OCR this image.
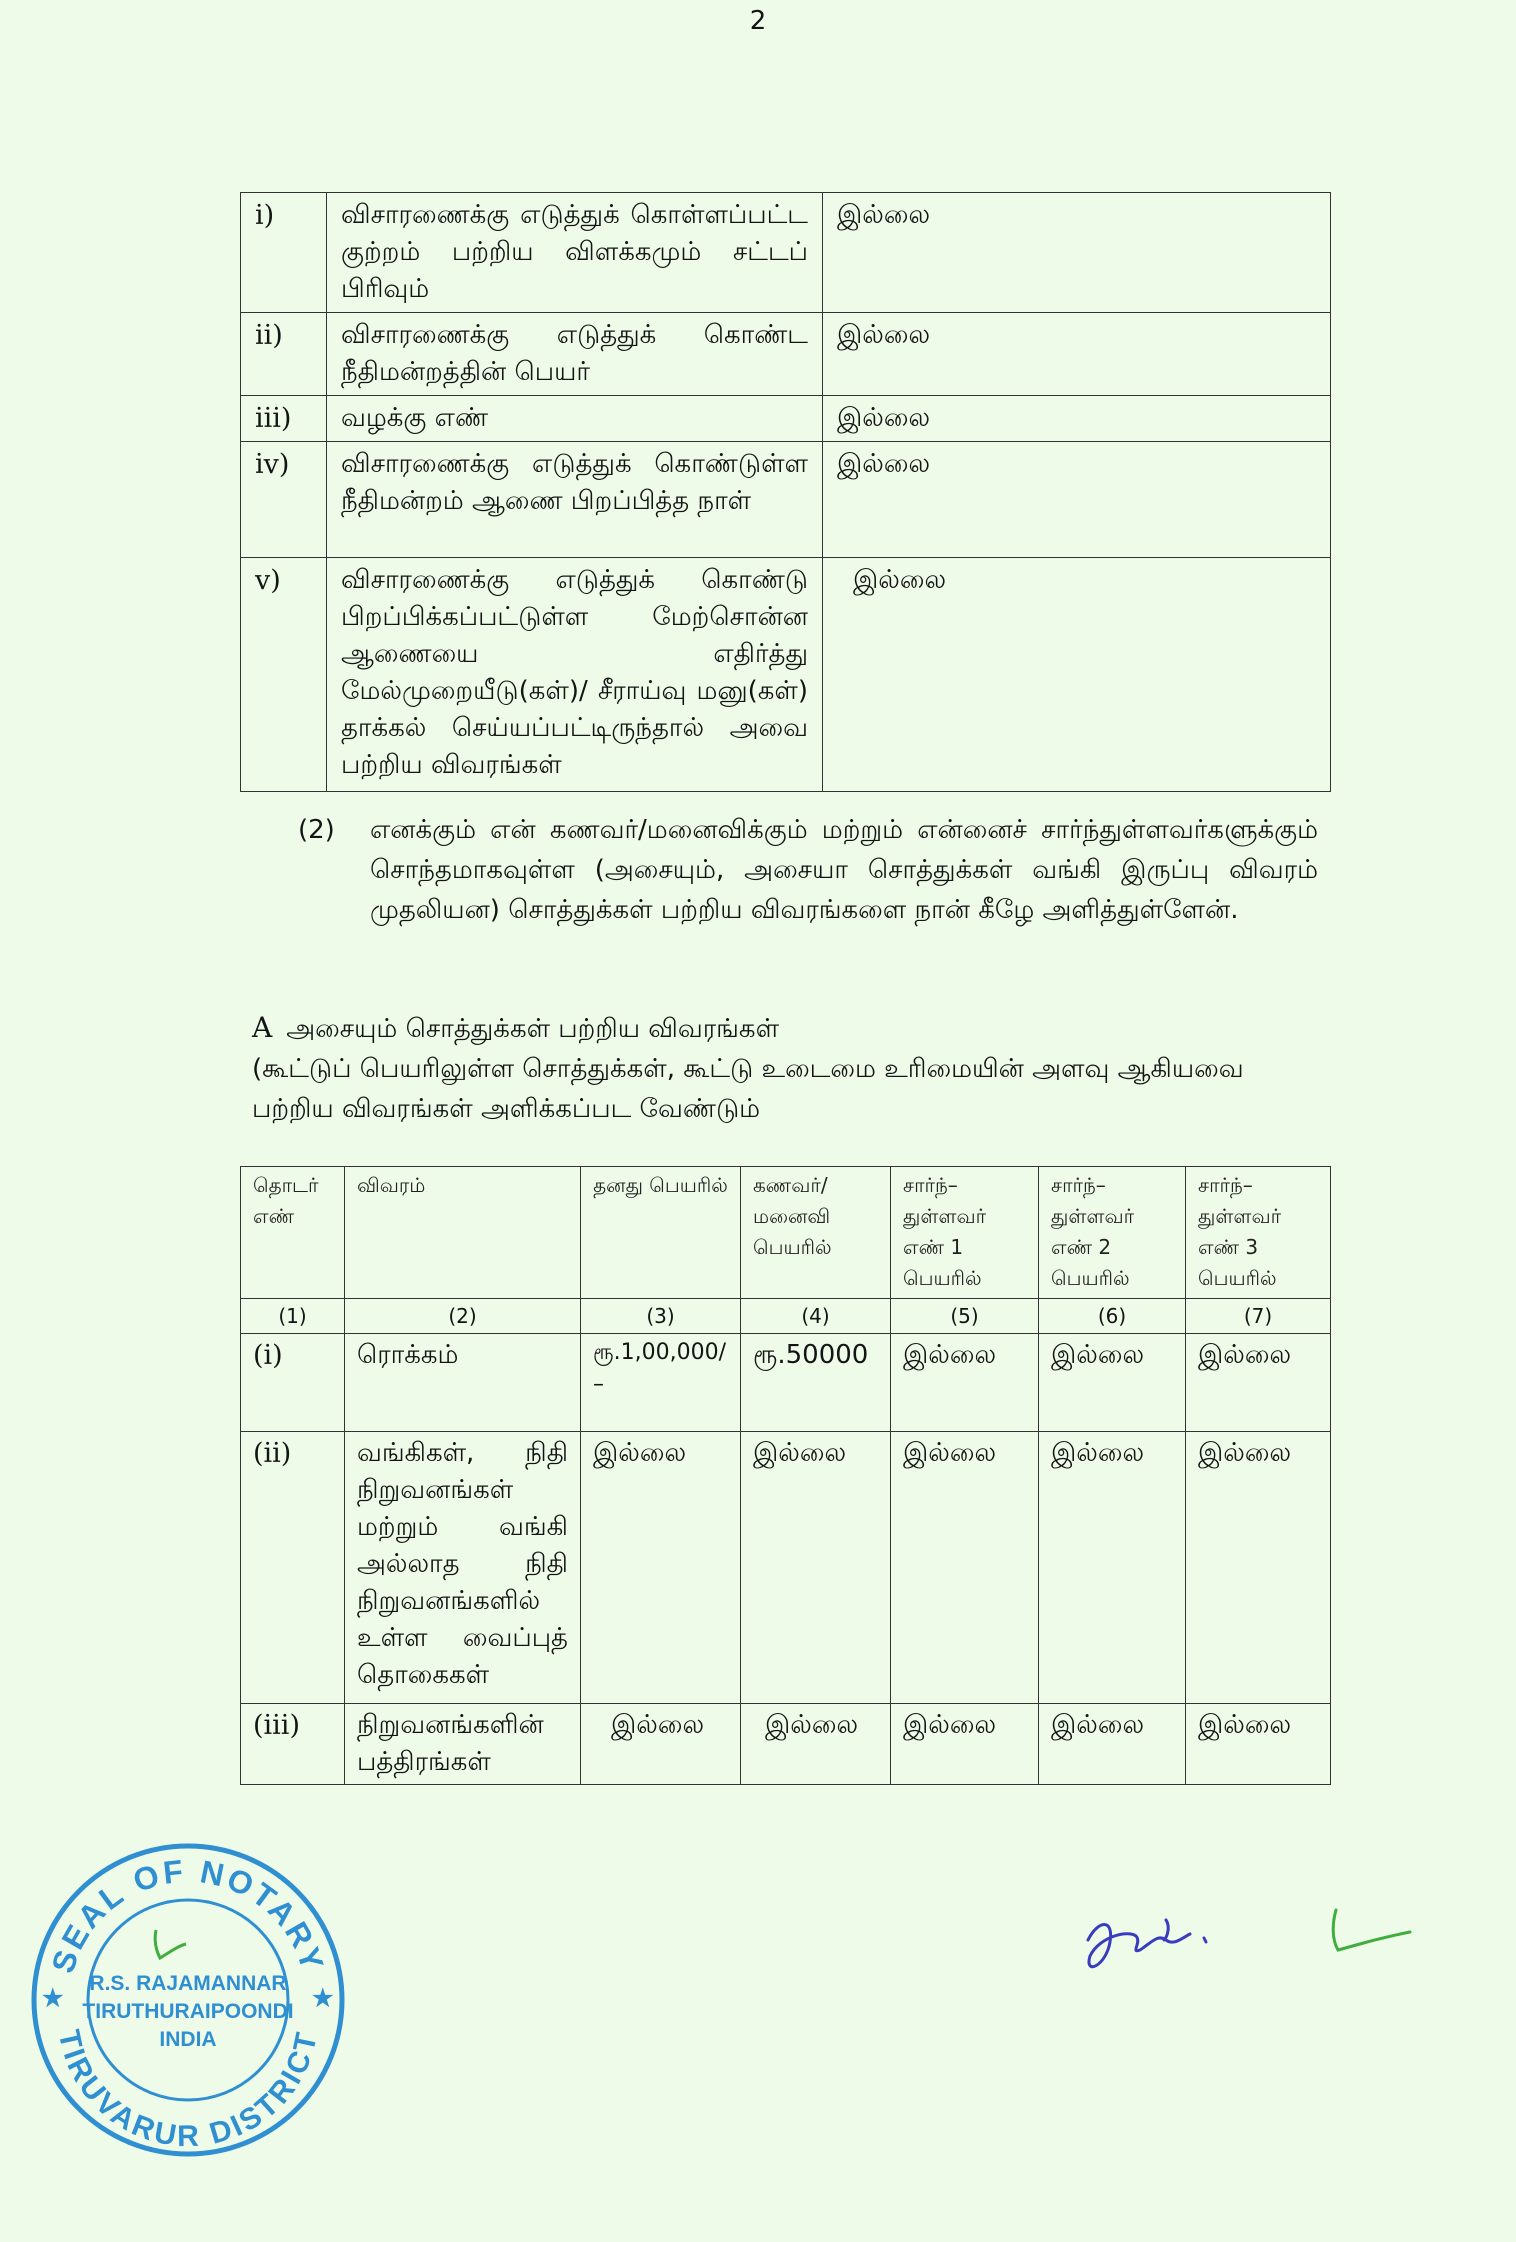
2
i)	விசாரணைக்கு எடுத்துக் கொள்ளப்பட்ட குற்றம் பற்றிய விளக்கமும் சட்டப் பிரிவும்	இல்லை
ii)	விசாரணைக்கு எடுத்துக் கொண்ட நீதிமன்றத்தின் பெயர்	இல்லை
iii)	வழக்கு எண்	இல்லை
iv)	விசாரணைக்கு எடுத்துக் கொண்டுள்ள நீதிமன்றம் ஆணை பிறப்பித்த நாள்	இல்லை
v)	விசாரணைக்கு எடுத்துக் கொண்டு பிறப்பிக்கப்பட்டுள்ள மேற்சொன்ன ஆணையை எதிர்த்து மேல்முறையீடு(கள்)/ சீராய்வு மனு(கள்) தாக்கல் செய்யப்பட்டிருந்தால் அவை பற்றிய விவரங்கள்	இல்லை
(2) எனக்கும் என் கணவர்/மனைவிக்கும் மற்றும் என்னைச் சார்ந்துள்ளவர்களுக்கும் சொந்தமாகவுள்ள (அசையும், அசையா சொத்துக்கள் வங்கி இருப்பு விவரம் முதலியன) சொத்துக்கள் பற்றிய விவரங்களை நான் கீழே அளித்துள்ளேன்.
A அசையும் சொத்துக்கள் பற்றிய விவரங்கள்
(கூட்டுப் பெயரிலுள்ள சொத்துக்கள், கூட்டு உடைமை உரிமையின் அளவு ஆகியவை பற்றிய விவரங்கள் அளிக்கப்பட வேண்டும்
தொடர் எண்	விவரம்	தனது பெயரில்	கணவர்/ மனைவி பெயரில்	சார்ந்– துள்ளவர் எண் 1 பெயரில்	சார்ந்– துள்ளவர் எண் 2 பெயரில்	சார்ந்– துள்ளவர் எண் 3 பெயரில்
(1)	(2)	(3)	(4)	(5)	(6)	(7)
(i)	ரொக்கம்	ரூ.1,00,000/–	ரூ.50000	இல்லை	இல்லை	இல்லை
(ii)	வங்கிகள், நிதி நிறுவனங்கள் மற்றும் வங்கி அல்லாத நிதி நிறுவனங்களில் உள்ள வைப்புத் தொகைகள்	இல்லை	இல்லை	இல்லை	இல்லை	இல்லை
(iii)	நிறுவனங்களின் பத்திரங்கள்	இல்லை	இல்லை	இல்லை	இல்லை	இல்லை
SEAL OF NOTARY
TIRUVARUR DISTRICT
R.S. RAJAMANNAR
TIRUTHURAIPOONDI
INDIA
★	★
